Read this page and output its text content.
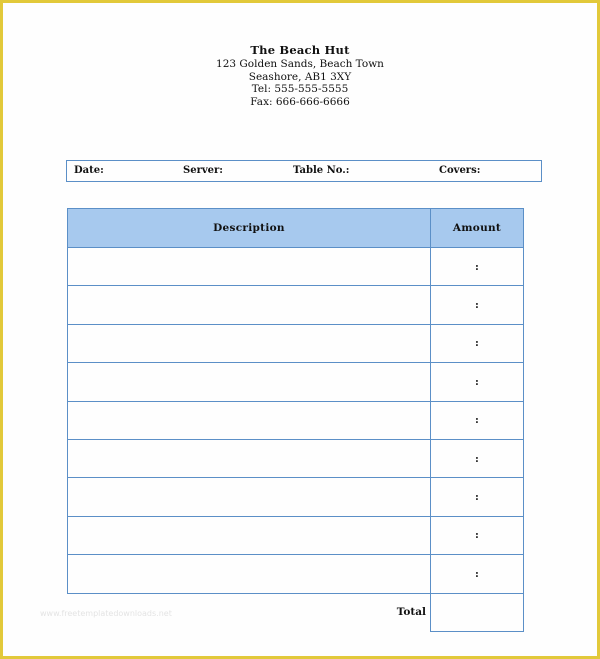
The Beach Hut
123 Golden Sands, Beach Town
Seashore, AB1 3XY
Tel: 555-555-5555
Fax: 666-666-6666
Date:	Server:	Table No.:	Covers:
Description	Amount
	:
	:
	:
	:
	:
	:
	:
	:
	:
Total	
www.freetemplatedownloads.net
